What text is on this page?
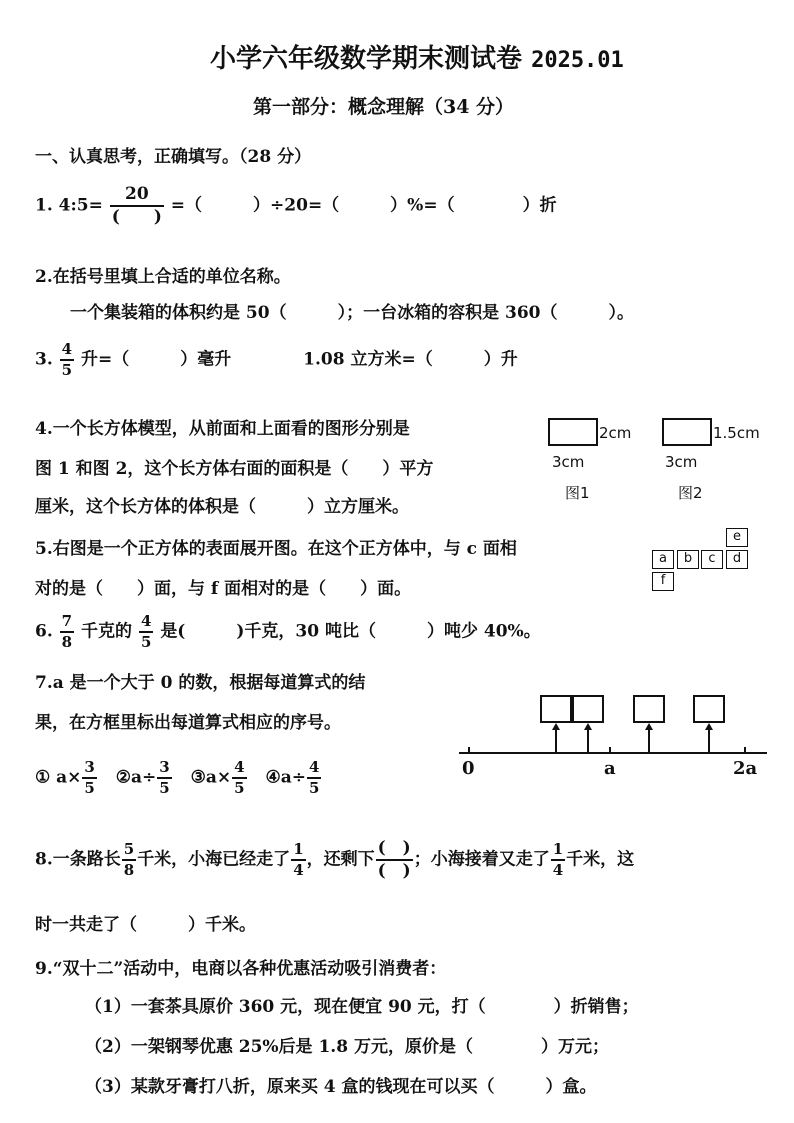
小学六年级数学期末测试卷 2025.01
第一部分：概念理解（34 分）
一、认真思考，正确填写。（28 分）
1. 4:5= $\frac{20}{( )}$ =（　　　）÷20=（　　　）%=（　　　　）折
2.在括号里填上合适的单位名称。
一个集装箱的体积约是 50（　　　）；一台冰箱的容积是 360（　　　）。
3. $\frac{4}{5}$ 升=（　　　）毫升	1.08 立方米=（　　　）升
4.一个长方体模型，从前面和上面看的图形分别是
图 1 和图 2，这个长方体右面的面积是（　　）平方
厘米，这个长方体的体积是（　　　）立方厘米。
2cm
3cm
图1
1.5cm
3cm
图2
5.右图是一个正方体的表面展开图。在这个正方体中，与 c 面相
对的是（　　）面，与 f 面相对的是（　　）面。
e
a	b	c	d
f
6. $\frac{7}{8}$ 千克的 $\frac{4}{5}$ 是(　　　)千克，30 吨比（　　　）吨少 40%。
7.a 是一个大于 0 的数，根据每道算式的结
果，在方框里标出每道算式相应的序号。
① $a\times \frac{3}{5}$ ②a÷ $\frac{3}{5}$ ③a× $\frac{4}{5}$ ④a÷ $\frac{4}{5}$	0	a	2a
8.一条路长 $\frac{5}{8}$ 千米，小海已经走了 $\frac{1}{4}$ ，还剩下 $\frac{( )}{( )}$ ；小海接着又走了 $\frac{1}{4}$ 千米，这
时一共走了（　　　）千米。
9.“双十二”活动中，电商以各种优惠活动吸引消费者：
（1）一套茶具原价 360 元，现在便宜 90 元，打（　　　　）折销售；
（2）一架钢琴优惠 25%后是 1.8 万元，原价是（　　　　）万元；
（3）某款牙膏打八折，原来买 4 盒的钱现在可以买（　　　）盒。
